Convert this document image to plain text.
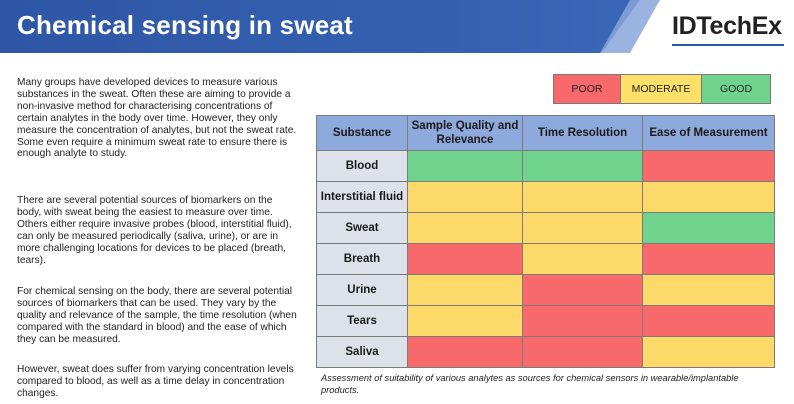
Chemical sensing in sweat	IDTechEx

Many groups have developed devices to measure various substances in the sweat. Often these are aiming to provide a non-invasive method for characterising concentrations of certain analytes in the body over time. However, they only measure the concentration of analytes, but not the sweat rate. Some even require a minimum sweat rate to ensure there is enough analyte to study.

There are several potential sources of biomarkers on the body, with sweat being the easiest to measure over time. Others either require invasive probes (blood, interstitial fluid), can only be measured periodically (saliva, urine), or are in more challenging locations for devices to be placed (breath, tears).

For chemical sensing on the body, there are several potential sources of biomarkers that can be used. They vary by the quality and relevance of the sample, the time resolution (when compared with the standard in blood) and the ease of which they can be measured.

However, sweat does suffer from varying concentration levels compared to blood, as well as a time delay in concentration changes.

POOR	MODERATE	GOOD
Substance	Sample Quality and Relevance	Time Resolution	Ease of Measurement
Blood			
Interstitial fluid			
Sweat			
Breath			
Urine			
Tears			
Saliva			

Assessment of suitability of various analytes as sources for chemical sensors in wearable/implantable products.
